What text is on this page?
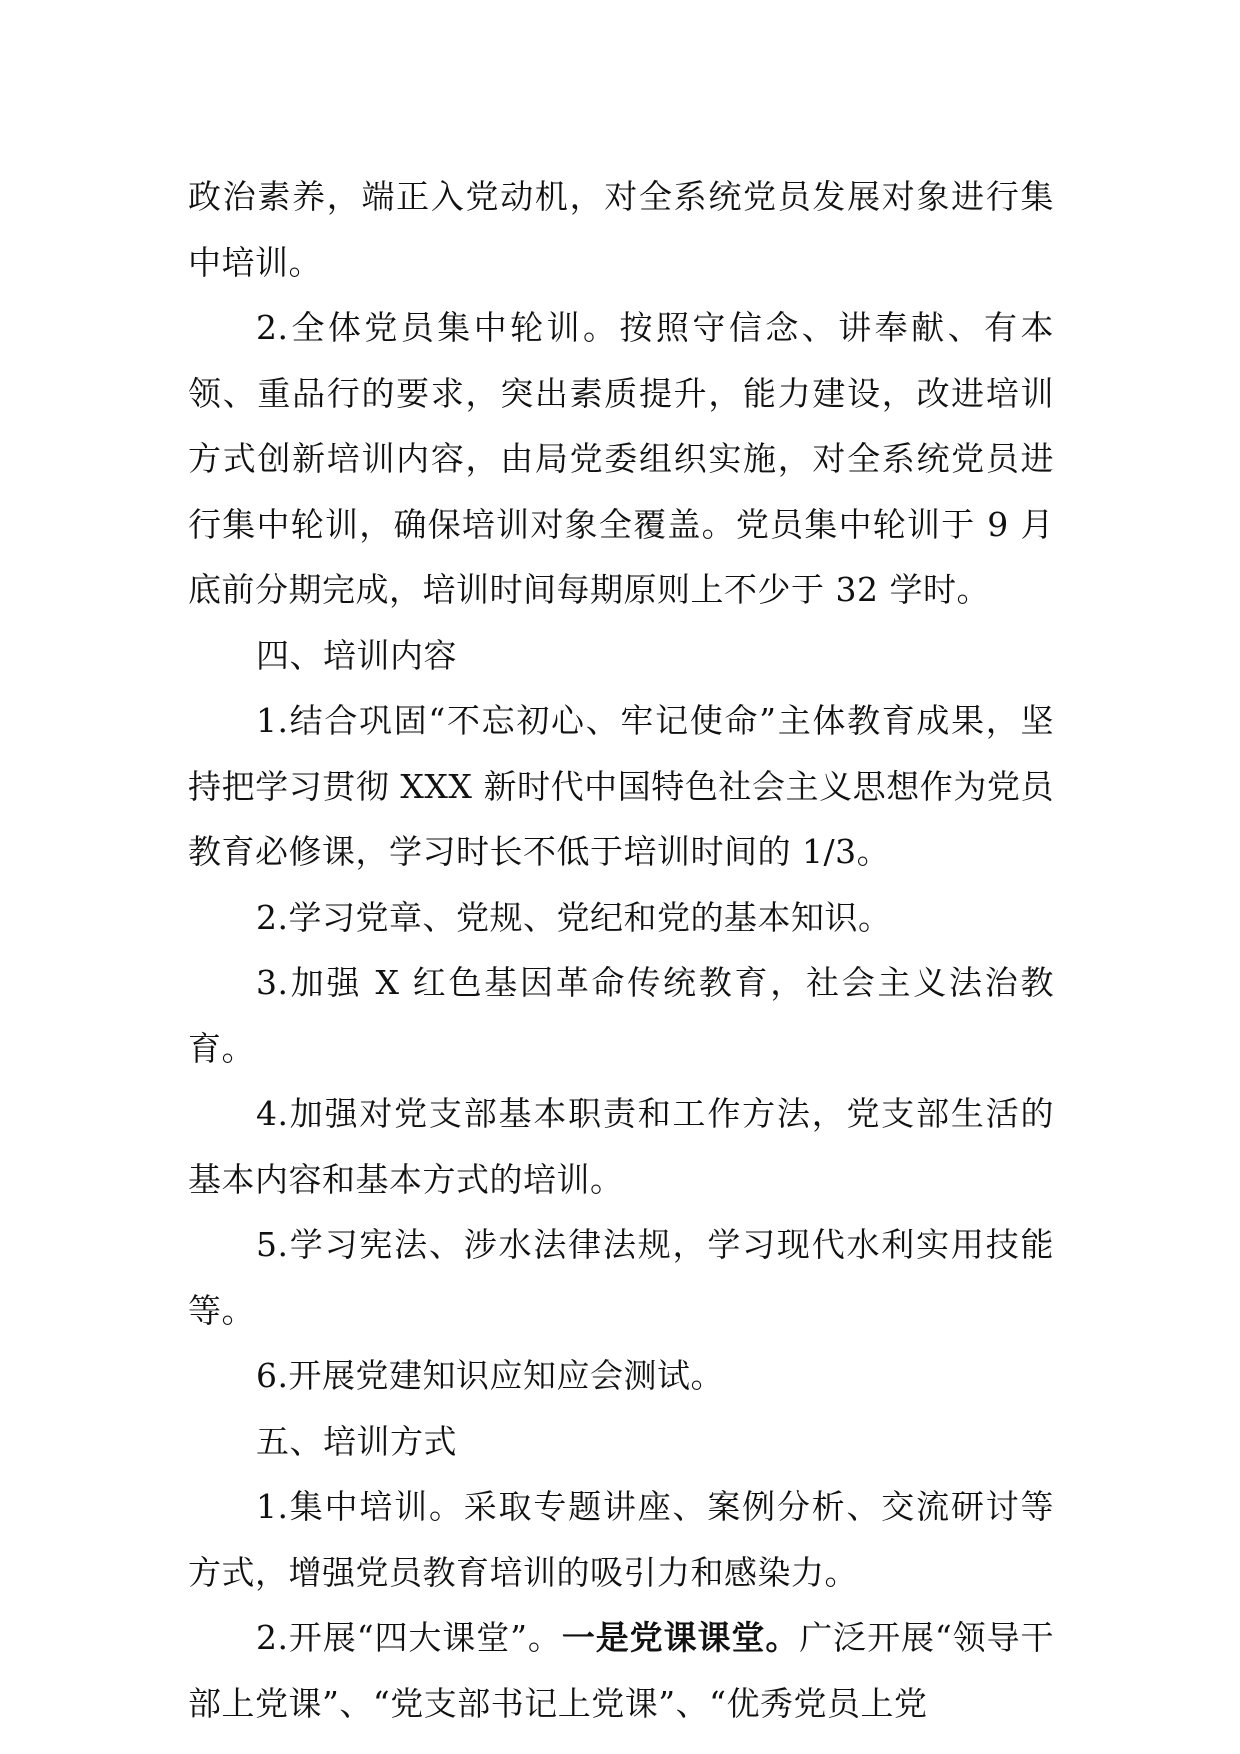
政治素养，端正入党动机，对全系统党员发展对象进行集中培训。

2.全体党员集中轮训。按照守信念、讲奉献、有本领、重品行的要求，突出素质提升，能力建设，改进培训方式创新培训内容，由局党委组织实施，对全系统党员进行集中轮训，确保培训对象全覆盖。党员集中轮训于 9 月底前分期完成，培训时间每期原则上不少于 32 学时。

四、培训内容

1.结合巩固“不忘初心、牢记使命”主体教育成果，坚持把学习贯彻 XXX 新时代中国特色社会主义思想作为党员教育必修课，学习时长不低于培训时间的 1/3。

2.学习党章、党规、党纪和党的基本知识。

3.加强 X 红色基因革命传统教育，社会主义法治教育。

4.加强对党支部基本职责和工作方法，党支部生活的基本内容和基本方式的培训。

5.学习宪法、涉水法律法规，学习现代水利实用技能等。

6.开展党建知识应知应会测试。

五、培训方式

1.集中培训。采取专题讲座、案例分析、交流研讨等方式，增强党员教育培训的吸引力和感染力。

2.开展“四大课堂”。一是党课课堂。广泛开展“领导干部上党课”、“党支部书记上党课”、“优秀党员上党
